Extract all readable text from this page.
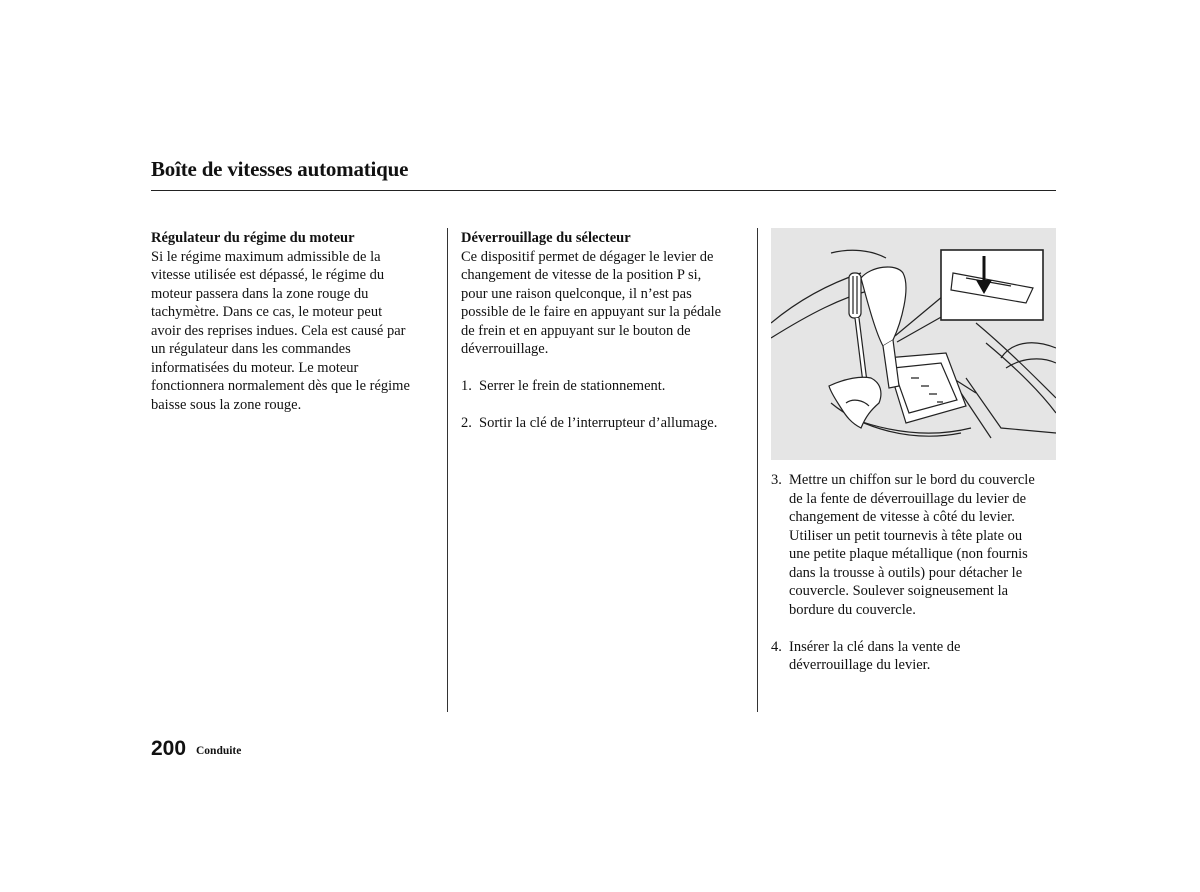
Boîte de vitesses automatique
Régulateur du régime du moteur

Si le régime maximum admissible de la

vitesse utilisée est dépassé, le régime du

moteur passera dans la zone rouge du

tachymètre. Dans ce cas, le moteur peut

avoir des reprises indues. Cela est causé par

un régulateur dans les commandes

informatisées du moteur. Le moteur

fonctionnera normalement dès que le régime

baisse sous la zone rouge.

Déverrouillage du sélecteur

Ce dispositif permet de dégager le levier de

changement de vitesse de la position P si,

pour une raison quelconque, il n’est pas

possible de le faire en appuyant sur la pédale

de frein et en appuyant sur le bouton de

déverrouillage.

1. Serrer le frein de stationnement.
2. Sortir la clé de l’interrupteur d’allumage.
3. Mettre un chiffon sur le bord du couvercle

de la fente de déverrouillage du levier de

changement de vitesse à côté du levier.

Utiliser un petit tournevis à tête plate ou

une petite plaque métallique (non fournis

dans la trousse à outils) pour détacher le

couvercle. Soulever soigneusement la

bordure du couvercle.

4. Insérer la clé dans la vente de

déverrouillage du levier.

200 Conduite
